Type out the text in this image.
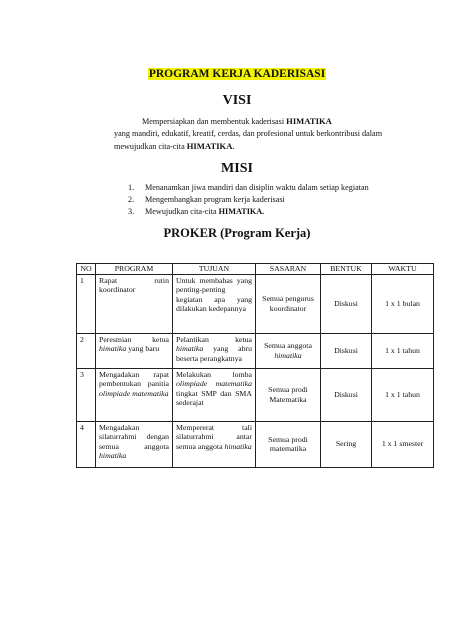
PROGRAM KERJA KADERISASI
VISI
Mempersiapkan dan membentuk kaderisasi HIMATIKA
yang mandiri, edukatif, kreatif, cerdas, dan profesional untuk berkontribusi dalam mewujudkan cita-cita HIMATIKA.
MISI
1. Menanamkan jiwa mandiri dan disiplin waktu dalam setiap kegiatan
2. Mengembangkan program kerja kaderisasi
3. Mewujudkan cita-cita HIMATIKA.
PROKER (Program Kerja)
NO	PROGRAM	TUJUAN	SASARAN	BENTUK	WAKTU
1	Rapat rutin koordinator	Untuk membahas yang penting-penting kegiatan apa yang dilakukan kedepannya	Semua pengurus koordinator	Diskusi	1 x 1 bulan
2	Peresmian ketua himatika yang baru	Pelantikan ketua himatika yang abru beserta perangkatnya	Semua anggota himatika	Diskusi	1 x 1 tahun
3	Mengadakan rapat pembentukan panitia olimpiade matematika	Melakukan lomba olimpiade matematika tingkat SMP dan SMA sederajat	Semua prodi Matematika	Diskusi	1 x 1 tahun
4	Mengadakan silaturrahmi dengan semua anggota himatika	Mempererat tali silaturrahmi antar semua anggota himatika	Semua prodi matematika	Sering	1 x 1 smester
